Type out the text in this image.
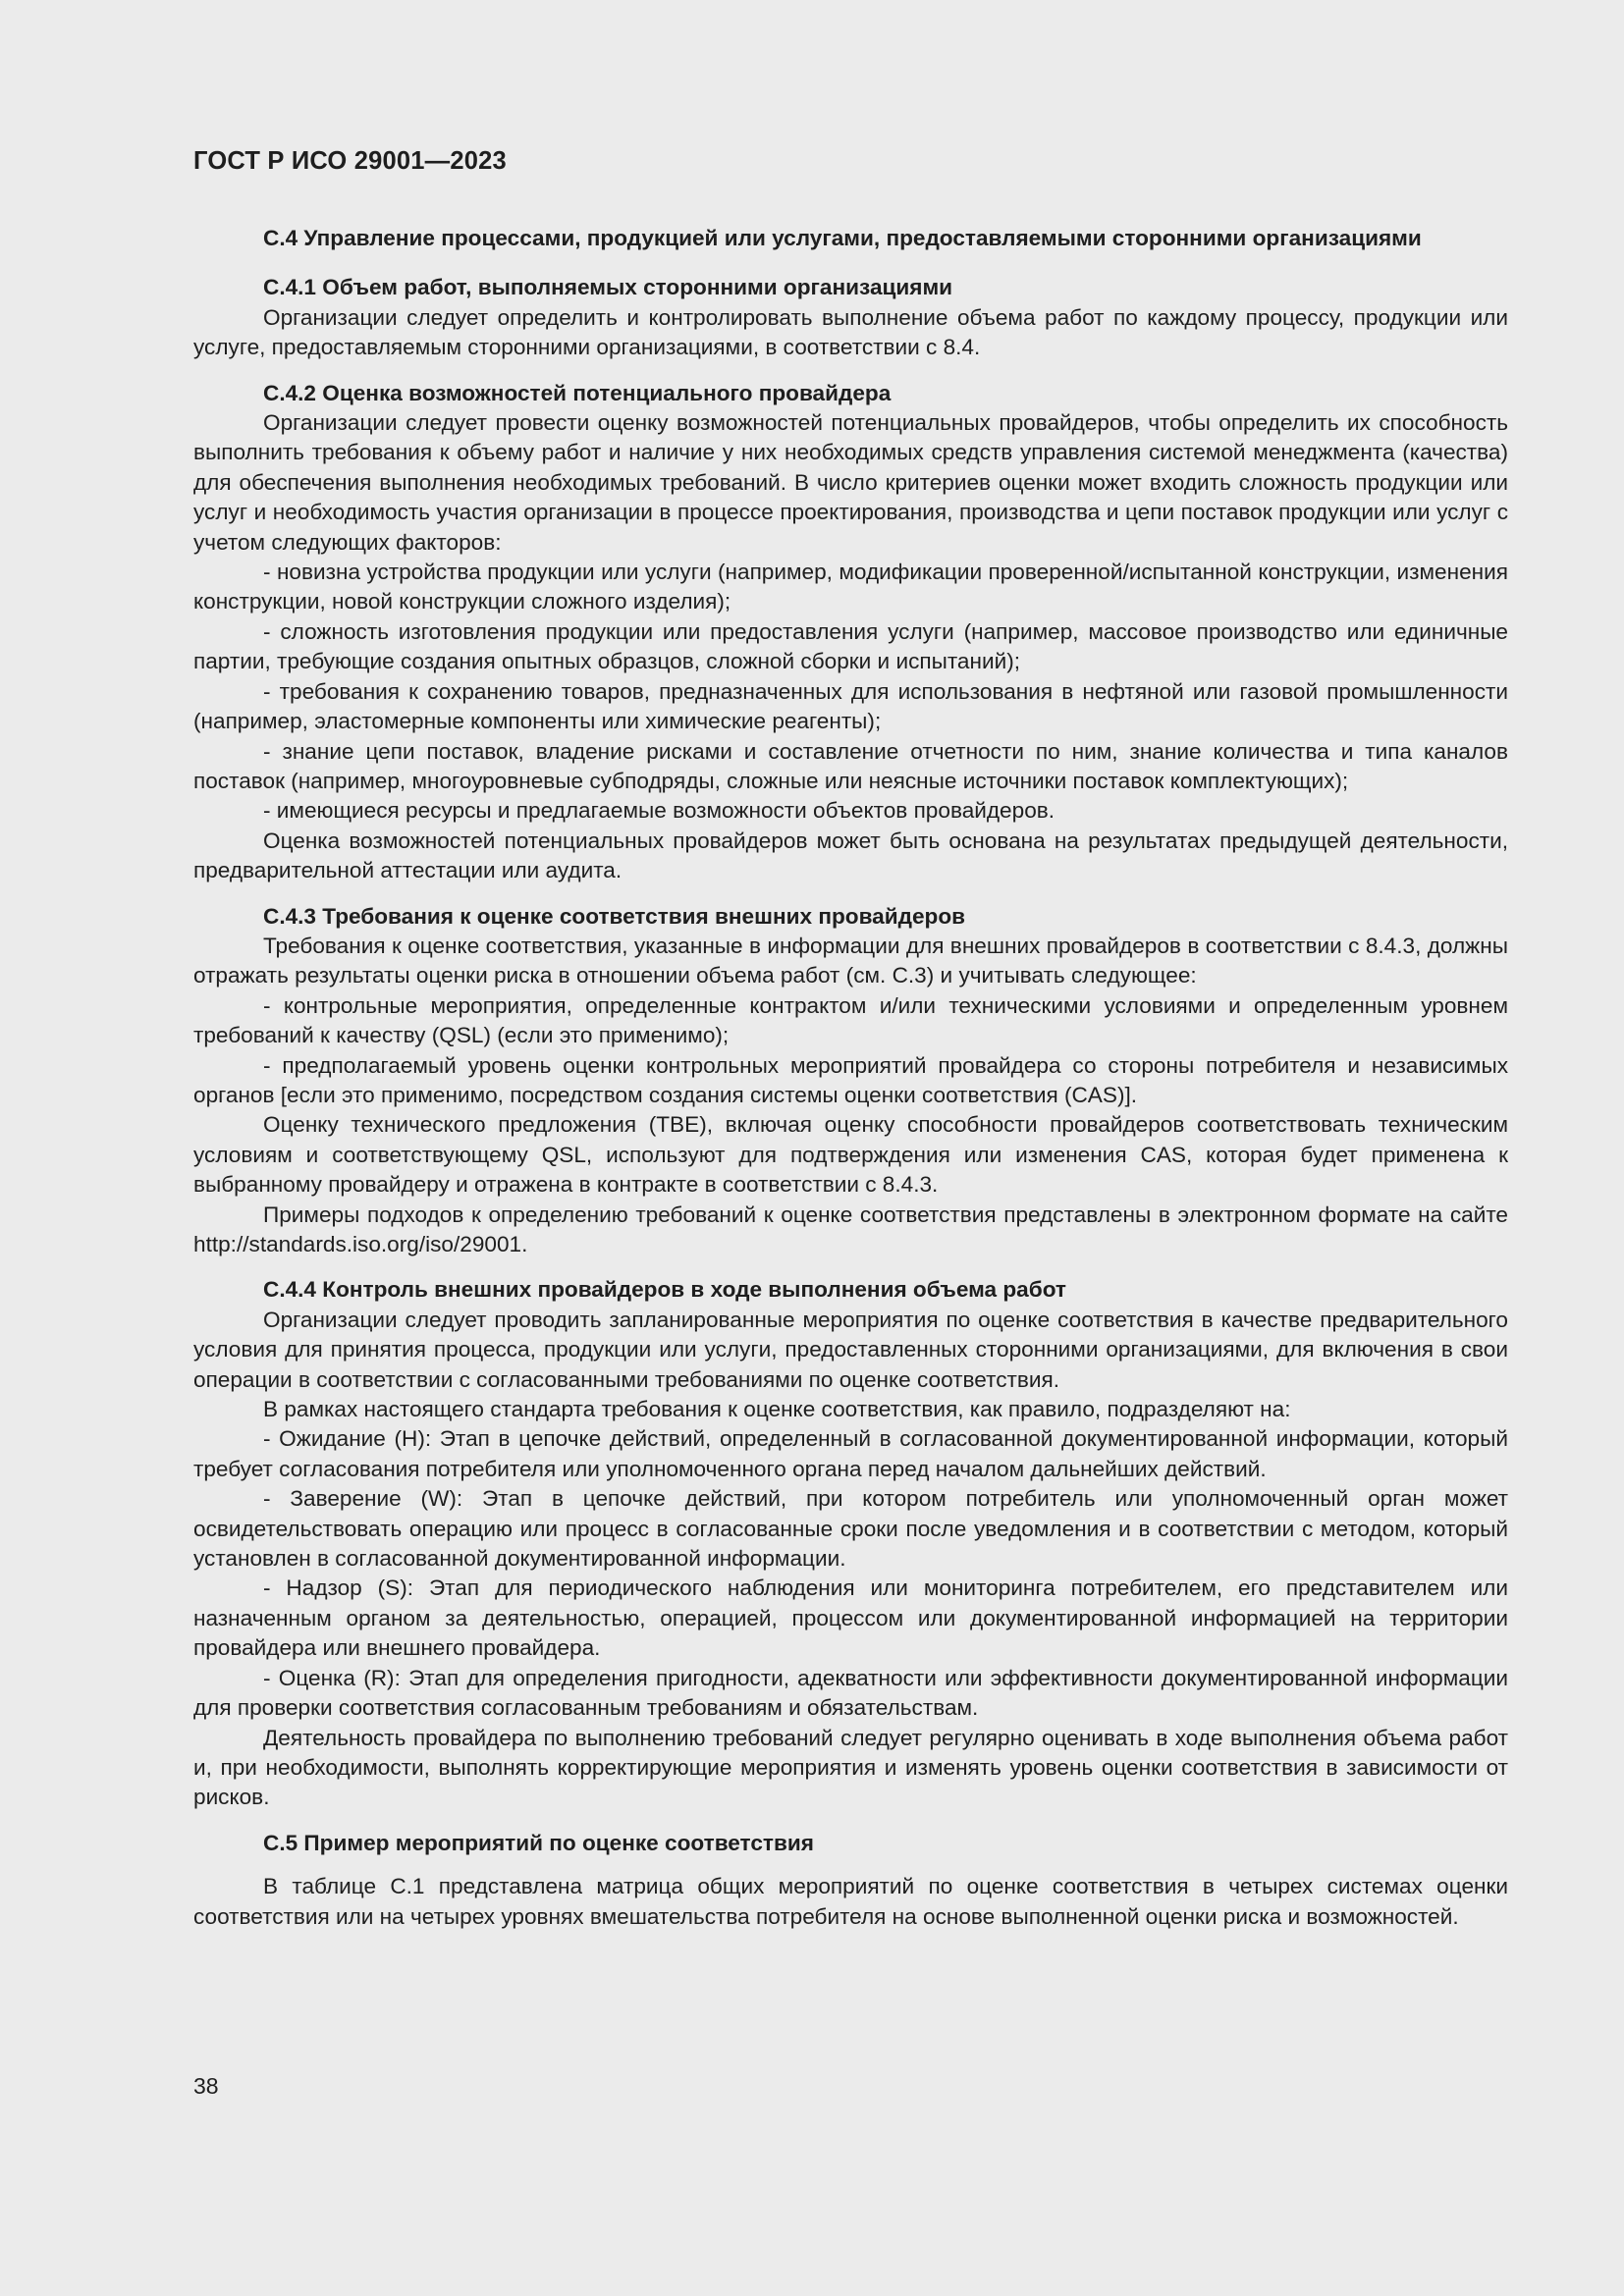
ГОСТ Р ИСО 29001—2023
С.4 Управление процессами, продукцией или услугами, предоставляемыми сторонними организациями
С.4.1 Объем работ, выполняемых сторонними организациями

Организации следует определить и контролировать выполнение объема работ по каждому процессу, продукции или услуге, предоставляемым сторонними организациями, в соответствии с 8.4.

С.4.2 Оценка возможностей потенциального провайдера

Организации следует провести оценку возможностей потенциальных провайдеров, чтобы определить их способность выполнить требования к объему работ и наличие у них необходимых средств управления системой менеджмента (качества) для обеспечения выполнения необходимых требований. В число критериев оценки может входить сложность продукции или услуг и необходимость участия организации в процессе проектирования, производства и цепи поставок продукции или услуг с учетом следующих факторов:

- новизна устройства продукции или услуги (например, модификации проверенной/испытанной конструкции, изменения конструкции, новой конструкции сложного изделия);

- сложность изготовления продукции или предоставления услуги (например, массовое производство или единичные партии, требующие создания опытных образцов, сложной сборки и испытаний);

- требования к сохранению товаров, предназначенных для использования в нефтяной или газовой промышленности (например, эластомерные компоненты или химические реагенты);

- знание цепи поставок, владение рисками и составление отчетности по ним, знание количества и типа каналов поставок (например, многоуровневые субподряды, сложные или неясные источники поставок комплектующих);

- имеющиеся ресурсы и предлагаемые возможности объектов провайдеров.

Оценка возможностей потенциальных провайдеров может быть основана на результатах предыдущей деятельности, предварительной аттестации или аудита.

С.4.3 Требования к оценке соответствия внешних провайдеров

Требования к оценке соответствия, указанные в информации для внешних провайдеров в соответствии с 8.4.3, должны отражать результаты оценки риска в отношении объема работ (см. С.3) и учитывать следующее:

- контрольные мероприятия, определенные контрактом и/или техническими условиями и определенным уровнем требований к качеству (QSL) (если это применимо);

- предполагаемый уровень оценки контрольных мероприятий провайдера со стороны потребителя и независимых органов [если это применимо, посредством создания системы оценки соответствия (CAS)].

Оценку технического предложения (ТВЕ), включая оценку способности провайдеров соответствовать техническим условиям и соответствующему QSL, используют для подтверждения или изменения CAS, которая будет применена к выбранному провайдеру и отражена в контракте в соответствии с 8.4.3.

Примеры подходов к определению требований к оценке соответствия представлены в электронном формате на сайте http://standards.iso.org/iso/29001.

С.4.4 Контроль внешних провайдеров в ходе выполнения объема работ

Организации следует проводить запланированные мероприятия по оценке соответствия в качестве предварительного условия для принятия процесса, продукции или услуги, предоставленных сторонними организациями, для включения в свои операции в соответствии с согласованными требованиями по оценке соответствия.

В рамках настоящего стандарта требования к оценке соответствия, как правило, подразделяют на:

- Ожидание (Н): Этап в цепочке действий, определенный в согласованной документированной информации, который требует согласования потребителя или уполномоченного органа перед началом дальнейших действий.

- Заверение (W): Этап в цепочке действий, при котором потребитель или уполномоченный орган может освидетельствовать операцию или процесс в согласованные сроки после уведомления и в соответствии с методом, который установлен в согласованной документированной информации.

- Надзор (S): Этап для периодического наблюдения или мониторинга потребителем, его представителем или назначенным органом за деятельностью, операцией, процессом или документированной информацией на территории провайдера или внешнего провайдера.

- Оценка (R): Этап для определения пригодности, адекватности или эффективности документированной информации для проверки соответствия согласованным требованиям и обязательствам.

Деятельность провайдера по выполнению требований следует регулярно оценивать в ходе выполнения объема работ и, при необходимости, выполнять корректирующие мероприятия и изменять уровень оценки соответствия в зависимости от рисков.

С.5 Пример мероприятий по оценке соответствия

В таблице С.1 представлена матрица общих мероприятий по оценке соответствия в четырех системах оценки соответствия или на четырех уровнях вмешательства потребителя на основе выполненной оценки риска и возможностей.

38
